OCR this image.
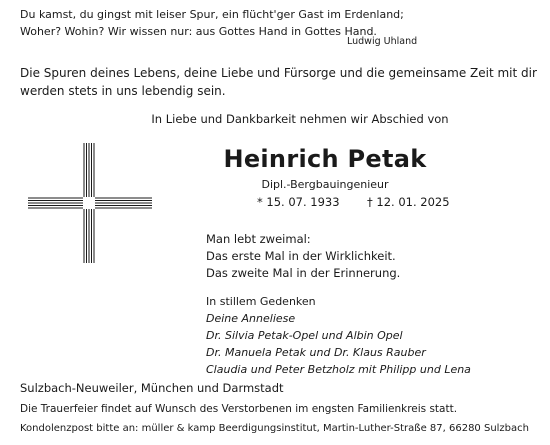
Du kamst, du gingst mit leiser Spur, ein flücht'ger Gast im Erdenland;
Woher? Wohin? Wir wissen nur: aus Gottes Hand in Gottes Hand.
Ludwig Uhland
Die Spuren deines Lebens, deine Liebe und Fürsorge und die gemeinsame Zeit mit dir
werden stets in uns lebendig sein.
In Liebe und Dankbarkeit nehmen wir Abschied von
Heinrich Petak
Dipl.-Bergbauingenieur
* 15. 07. 1933 † 12. 01. 2025
Man lebt zweimal:
Das erste Mal in der Wirklichkeit.
Das zweite Mal in der Erinnerung.
In stillem Gedenken
Deine Anneliese
Dr. Silvia Petak-Opel und Albin Opel
Dr. Manuela Petak und Dr. Klaus Rauber
Claudia und Peter Betzholz mit Philipp und Lena
Sulzbach-Neuweiler, München und Darmstadt
Die Trauerfeier findet auf Wunsch des Verstorbenen im engsten Familienkreis statt.
Kondolenzpost bitte an: müller & kamp Beerdigungsinstitut, Martin-Luther-Straße 87, 66280 Sulzbach
